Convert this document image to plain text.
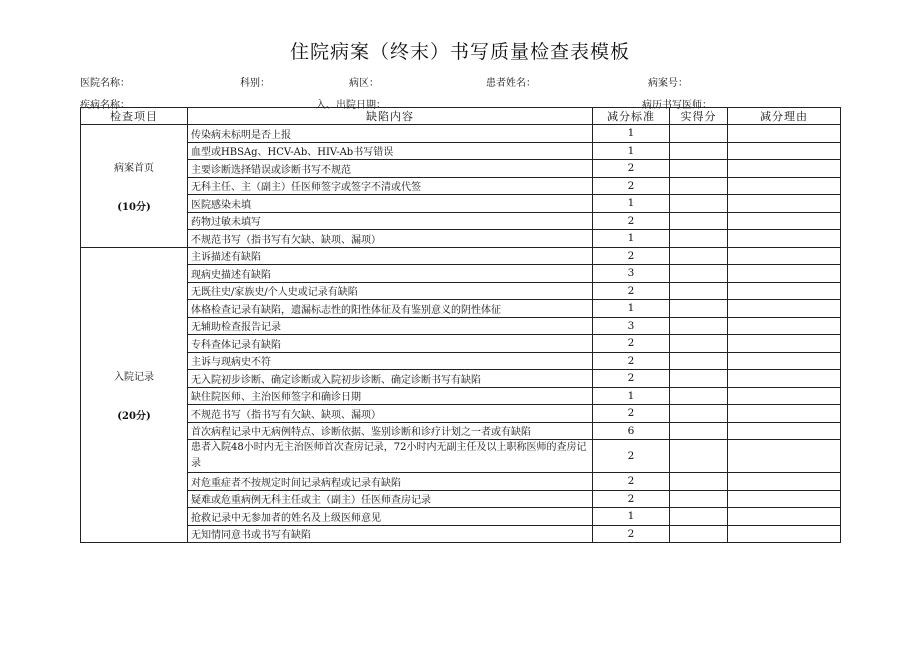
住院病案（终末）书写质量检查表模板
医院名称：	科别：	病区：	患者姓名：	病案号：
疾病名称：	入、出院日期：	病历书写医师：
检查项目	缺陷内容	减分标准	实得分	减分理由

病案首页
(10分)	传染病未标明是否上报	1		
	血型或HBSAg、HCV-Ab、HIV-Ab书写错误	1		
	主要诊断选择错误或诊断书写不规范	2		
	无科主任、主（副主）任医师签字或签字不清或代签	2		
	医院感染未填	1		
	药物过敏未填写	2		
	不规范书写（指书写有欠缺、缺项、漏项）	1		

入院记录
(20分)	主诉描述有缺陷	2		
	现病史描述有缺陷	3		
	无既往史/家族史/个人史或记录有缺陷	2		
	体格检查记录有缺陷，遗漏标志性的阳性体征及有鉴别意义的阴性体征	1		
	无辅助检查报告记录	3		
	专科查体记录有缺陷	2		
	主诉与现病史不符	2		
	无入院初步诊断、确定诊断或入院初步诊断、确定诊断书写有缺陷	2		
	缺住院医师、主治医师签字和确诊日期	1		
	不规范书写（指书写有欠缺、缺项、漏项）	2		
	首次病程记录中无病例特点、诊断依据、鉴别诊断和诊疗计划之一者或有缺陷	6		
	患者入院48小时内无主治医师首次查房记录，72小时内无副主任及以上职称医师的查房记录	2		
	对危重症者不按规定时间记录病程或记录有缺陷	2		
	疑难或危重病例无科主任或主（副主）任医师查房记录	2		
	抢救记录中无参加者的姓名及上级医师意见	1		
	无知情同意书或书写有缺陷	2		
